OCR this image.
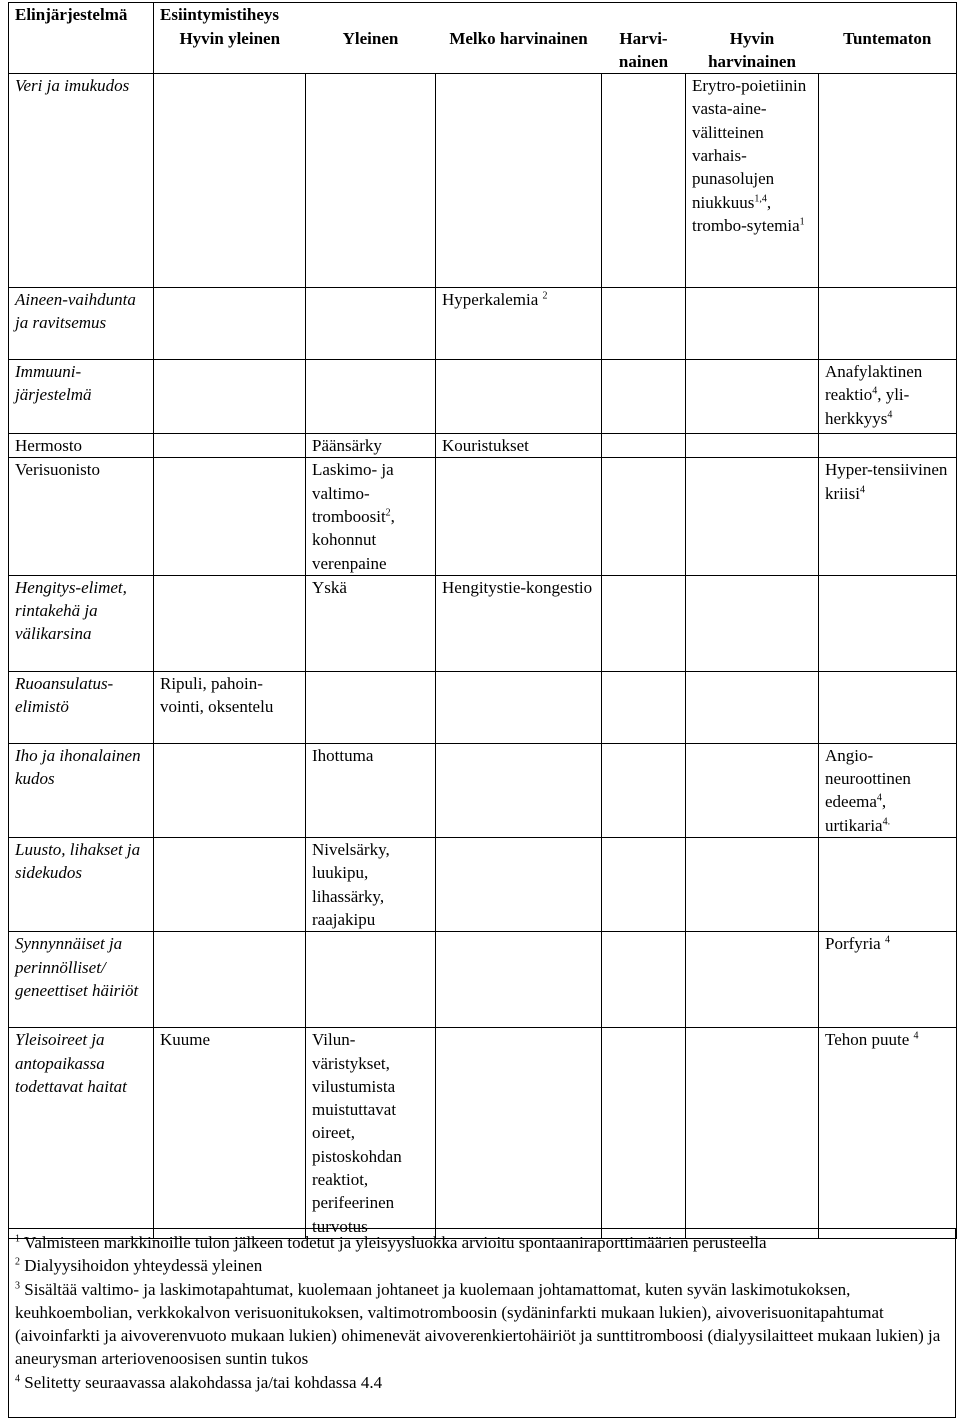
Elinjärjestelmä	Esiintymistiheys					
	Hyvin yleinen	Yleinen	Melko harvinainen	Harvi-nainen	Hyvin harvinainen	Tuntematon
Veri ja imukudos					Erytro-poietiinin vasta-aine-välitteinen varhais-punasolujen niukkuus$^{1,4}$, trombo-sytemia$^1$	
Aineen-vaihdunta ja ravitsemus			Hyperkalemia $^2$			
Immuuni-järjestelmä						Anafylaktinen reaktio$^4$, yli-herkkyys$^4$
Hermosto		Päänsärky	Kouristukset			
Verisuonisto		Laskimo- ja valtimo-tromboosit$^2$, kohonnut verenpaine				Hyper-tensiivinen kriisi$^4$
Hengitys-elimet, rintakehä ja välikarsina		Yskä	Hengitystie-kongestio			
Ruoansulatus-elimistö	Ripuli, pahoin-vointi, oksentelu					
Iho ja ihonalainen kudos		Ihottuma				Angio-neuroottinen edeema$^4$, urtikaria$^{4.}$
Luusto, lihakset ja sidekudos		Nivelsärky, luukipu, lihassärky, raajakipu				
Synnynnäiset ja perinnölliset/ geneettiset häiriöt						Porfyria $^4$
Yleisoireet ja antopaikassa todettavat haitat	Kuume	Vilun-väristykset, vilustumista muistuttavat oireet, pistoskohdan reaktiot, perifeerinen turvotus				Tehon puute $^4$

$^1$ Valmisteen markkinoille tulon jälkeen todetut ja yleisyysluokka arvioitu spontaaniraporttimäärien perusteella

$^2$ Dialyysihoidon yhteydessä yleinen

$^3$ Sisältää valtimo- ja laskimotapahtumat, kuolemaan johtaneet ja kuolemaan johtamattomat, kuten syvän laskimotukoksen, keuhkoembolian, verkkokalvon verisuonitukoksen, valtimotromboosin (sydäninfarkti mukaan lukien), aivoverisuonitapahtumat (aivoinfarkti ja aivoverenvuoto mukaan lukien) ohimenevät aivoverenkiertohäiriöt ja sunttitromboosi (dialyysilaitteet mukaan lukien) ja aneurysman arteriovenoosisen suntin tukos

$^4$ Selitetty seuraavassa alakohdassa ja/tai kohdassa 4.4
